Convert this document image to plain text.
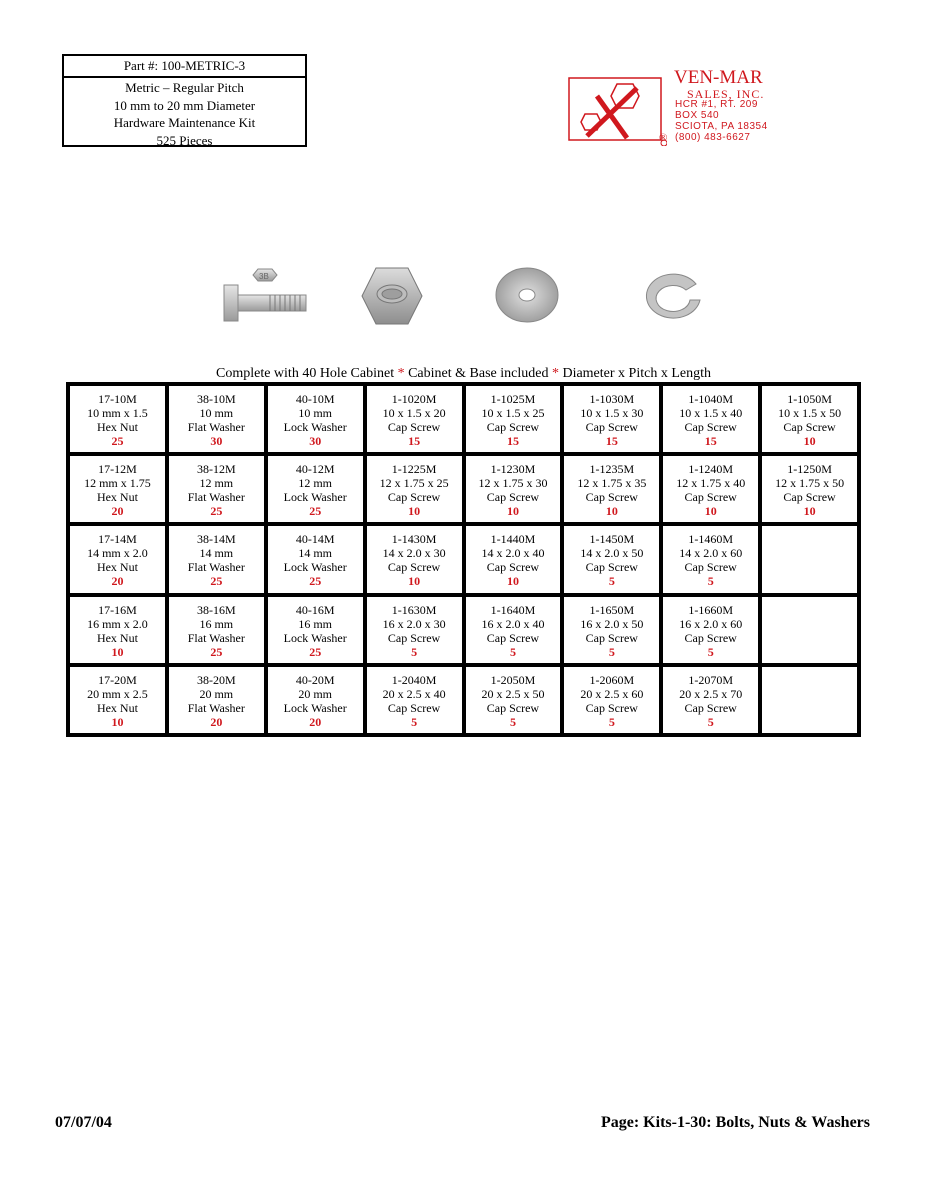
Part #: 100-METRIC-3
Metric – Regular Pitch
10 mm to 20 mm Diameter
Hardware Maintenance Kit
525 Pieces
VEN-MAR
SALES, INC.
HCR #1, RT. 209
BOX 540
SCIOTA, PA 18354
(800) 483-6627
®
3B
Complete with 40 Hole Cabinet * Cabinet & Base included * Diameter x Pitch x Length
17-10M
10 mm x 1.5
Hex Nut
25
38-10M
10 mm
Flat Washer
30
40-10M
10 mm
Lock Washer
30
1-1020M
10 x 1.5 x 20
Cap Screw
15
1-1025M
10 x 1.5 x 25
Cap Screw
15
1-1030M
10 x 1.5 x 30
Cap Screw
15
1-1040M
10 x 1.5 x 40
Cap Screw
15
1-1050M
10 x 1.5 x 50
Cap Screw
10
17-12M
12 mm x 1.75
Hex Nut
20
38-12M
12 mm
Flat Washer
25
40-12M
12 mm
Lock Washer
25
1-1225M
12 x 1.75 x 25
Cap Screw
10
1-1230M
12 x 1.75 x 30
Cap Screw
10
1-1235M
12 x 1.75 x 35
Cap Screw
10
1-1240M
12 x 1.75 x 40
Cap Screw
10
1-1250M
12 x 1.75 x 50
Cap Screw
10
17-14M
14 mm x 2.0
Hex Nut
20
38-14M
14 mm
Flat Washer
25
40-14M
14 mm
Lock Washer
25
1-1430M
14 x 2.0 x 30
Cap Screw
10
1-1440M
14 x 2.0 x 40
Cap Screw
10
1-1450M
14 x 2.0 x 50
Cap Screw
5
1-1460M
14 x 2.0 x 60
Cap Screw
5
17-16M
16 mm x 2.0
Hex Nut
10
38-16M
16 mm
Flat Washer
25
40-16M
16 mm
Lock Washer
25
1-1630M
16 x 2.0 x 30
Cap Screw
5
1-1640M
16 x 2.0 x 40
Cap Screw
5
1-1650M
16 x 2.0 x 50
Cap Screw
5
1-1660M
16 x 2.0 x 60
Cap Screw
5
17-20M
20 mm x 2.5
Hex Nut
10
38-20M
20 mm
Flat Washer
20
40-20M
20 mm
Lock Washer
20
1-2040M
20 x 2.5 x 40
Cap Screw
5
1-2050M
20 x 2.5 x 50
Cap Screw
5
1-2060M
20 x 2.5 x 60
Cap Screw
5
1-2070M
20 x 2.5 x 70
Cap Screw
5
07/07/04	Page: Kits-1-30: Bolts, Nuts & Washers
